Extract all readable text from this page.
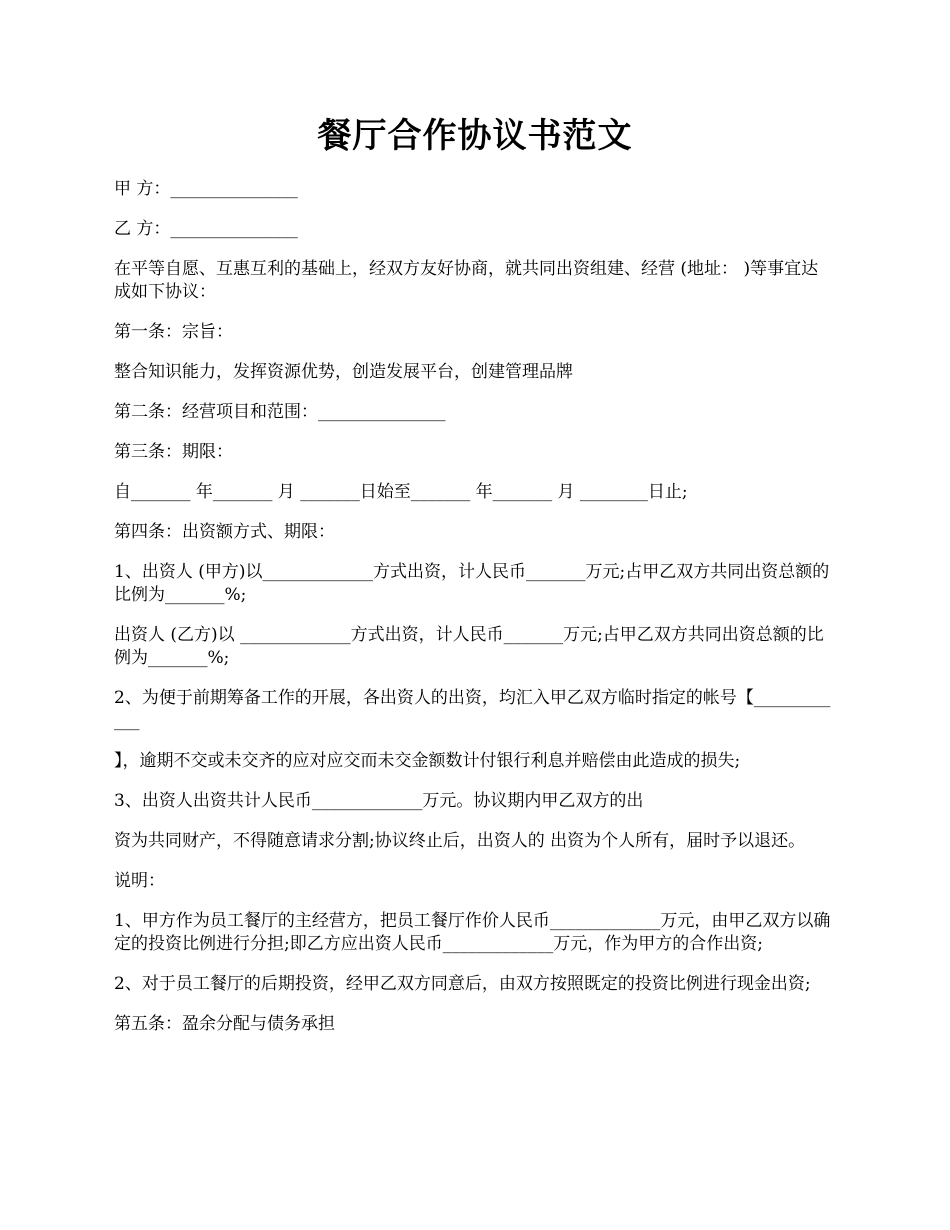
餐厅合作协议书范文

甲 方：_______________

乙 方：_______________

在平等自愿、互惠互利的基础上，经双方友好协商，就共同出资组建、经营 (地址： )等事宜达成如下协议：

第一条：宗旨：

整合知识能力，发挥资源优势，创造发展平台，创建管理品牌

第二条：经营项目和范围：_______________

第三条：期限：

自_______ 年_______ 月 _______日始至_______ 年_______ 月 ________日止;

第四条：出资额方式、期限：

1、出资人 (甲方)以_____________方式出资，计人民币_______万元;占甲乙双方共同出资总额的比例为_______%;

出资人 (乙方)以 _____________方式出资，计人民币_______万元;占甲乙双方共同出资总额的比例为_______%;

2、为便于前期筹备工作的开展，各出资人的出资，均汇入甲乙双方临时指定的帐号【____________

】，逾期不交或未交齐的应对应交而未交金额数计付银行利息并赔偿由此造成的损失;

3、出资人出资共计人民币_____________万元。协议期内甲乙双方的出

资为共同财产，不得随意请求分割;协议终止后，出资人的 出资为个人所有，届时予以退还。

说明：

1、甲方作为员工餐厅的主经营方，把员工餐厅作价人民币_____________万元，由甲乙双方以确定的投资比例进行分担;即乙方应出资人民币_____________万元，作为甲方的合作出资;

2、对于员工餐厅的后期投资，经甲乙双方同意后，由双方按照既定的投资比例进行现金出资;

第五条：盈余分配与债务承担
